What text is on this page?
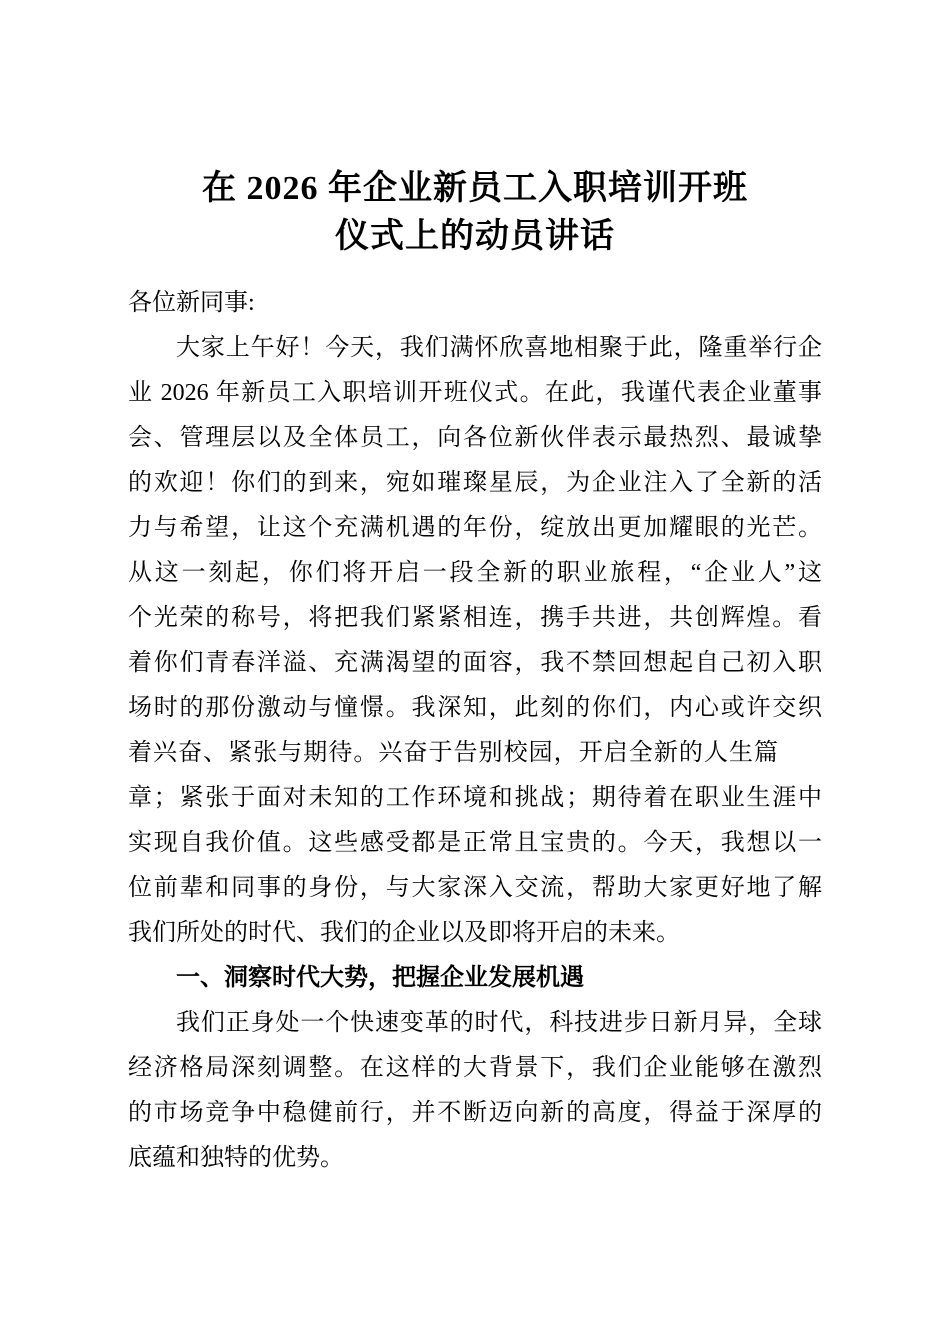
在 2026 年企业新员工入职培训开班
仪式上的动员讲话
各位新同事:
大家上午好！今天，我们满怀欣喜地相聚于此，隆重举行企
业 2026 年新员工入职培训开班仪式。在此，我谨代表企业董事
会、管理层以及全体员工，向各位新伙伴表示最热烈、最诚挚
的欢迎！你们的到来，宛如璀璨星辰，为企业注入了全新的活
力与希望，让这个充满机遇的年份，绽放出更加耀眼的光芒。
从这一刻起，你们将开启一段全新的职业旅程，“企业人”这
个光荣的称号，将把我们紧紧相连，携手共进，共创辉煌。看
着你们青春洋溢、充满渴望的面容，我不禁回想起自己初入职
场时的那份激动与憧憬。我深知，此刻的你们，内心或许交织
着兴奋、紧张与期待。兴奋于告别校园，开启全新的人生篇
章；紧张于面对未知的工作环境和挑战；期待着在职业生涯中
实现自我价值。这些感受都是正常且宝贵的。今天，我想以一
位前辈和同事的身份，与大家深入交流，帮助大家更好地了解
我们所处的时代、我们的企业以及即将开启的未来。
一、洞察时代大势，把握企业发展机遇
我们正身处一个快速变革的时代，科技进步日新月异，全球
经济格局深刻调整。在这样的大背景下，我们企业能够在激烈
的市场竞争中稳健前行，并不断迈向新的高度，得益于深厚的
底蕴和独特的优势。
